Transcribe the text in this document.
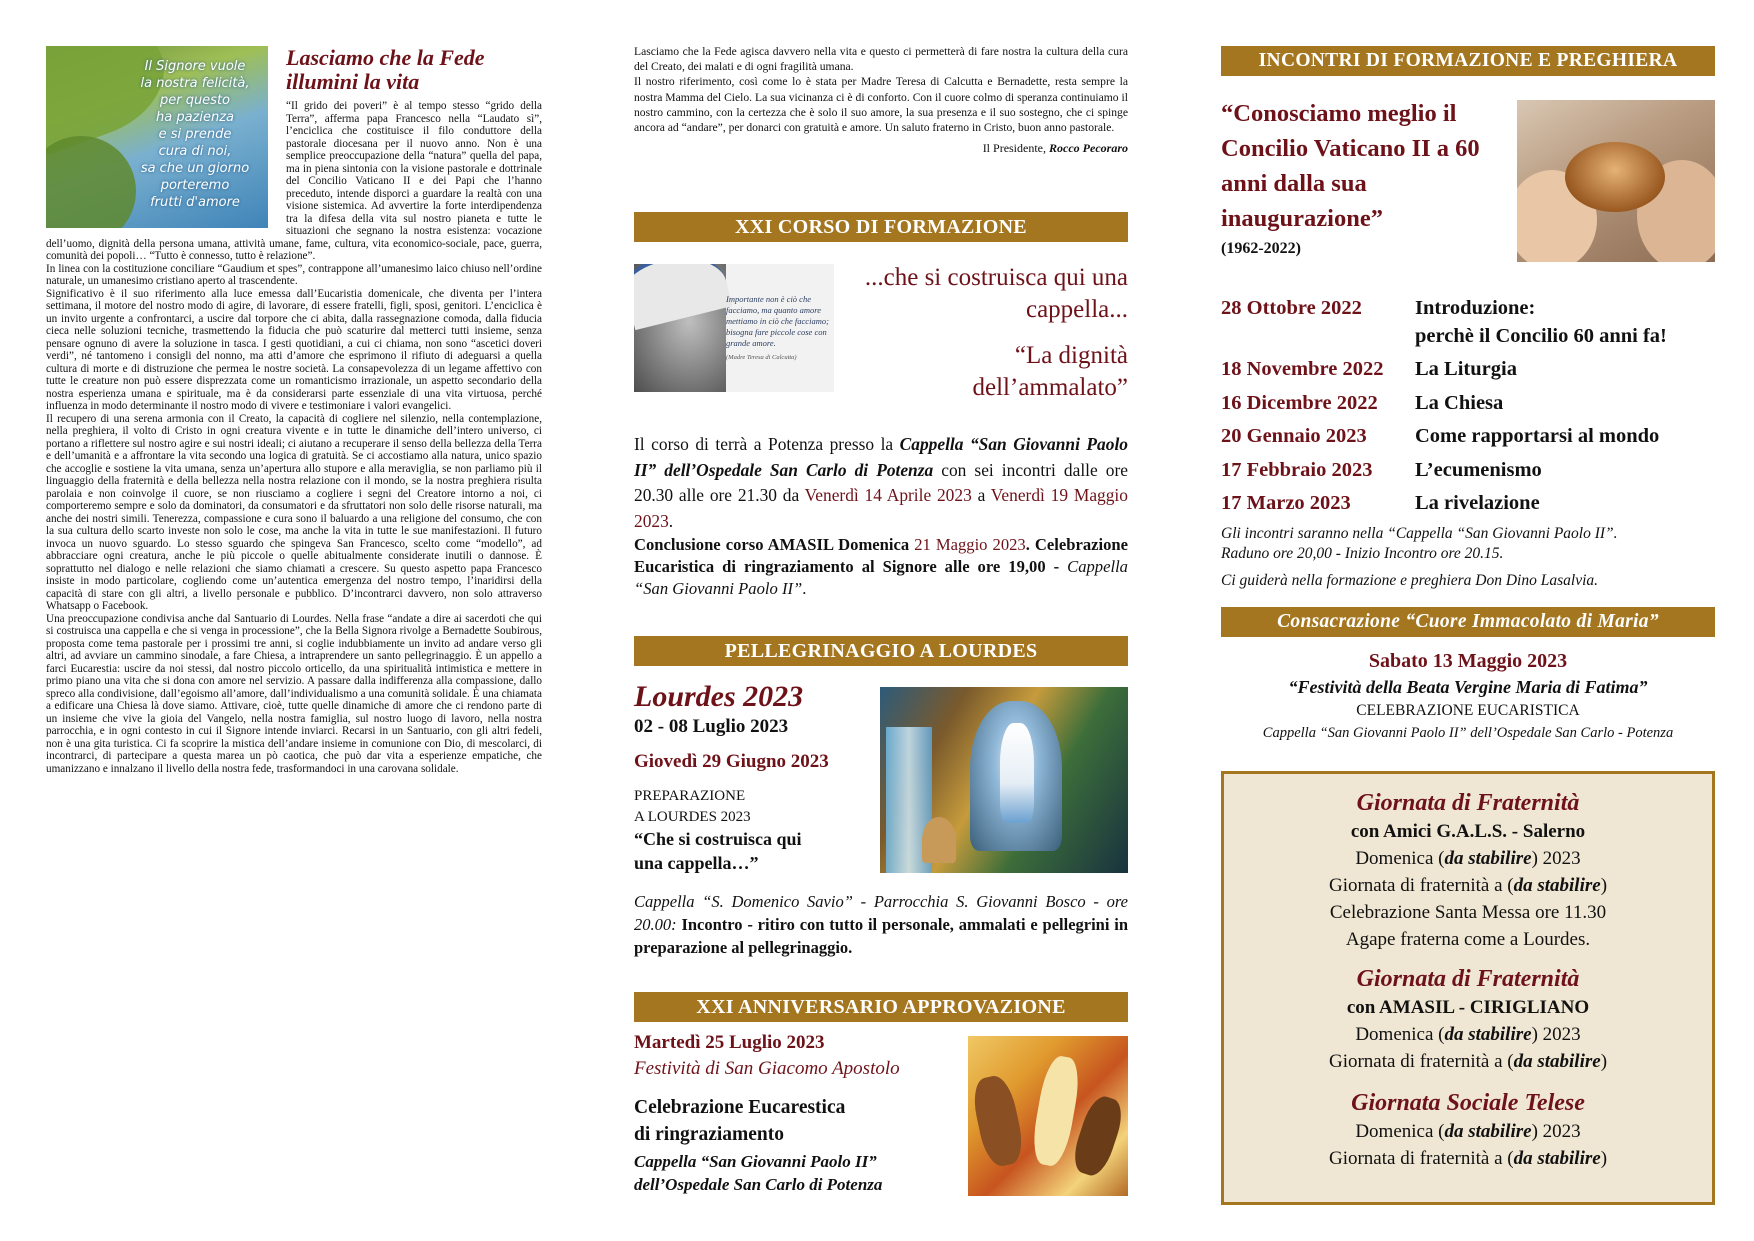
Il Signore vuole
la nostra felicità,
per questo
ha pazienza
e si prende
cura di noi,
sa che un giorno
porteremo
frutti d'amore
Lasciamo che la Fede
illumini la vita

“Il grido dei poveri” è al tempo stesso “grido della Terra”, afferma papa Francesco nella “Laudato sì”, l’enciclica che costituisce il filo conduttore della pastorale diocesana per il nuovo anno. Non è una semplice preoccupazione della “natura” quella del papa, ma in piena sintonia con la visione pastorale e dottrinale del Concilio Vaticano II e dei Papi che l’hanno preceduto, intende disporci a guardare la realtà con una visione sistemica. Ad avvertire la forte interdipendenza tra la difesa della vita sul nostro pianeta e tutte le situazioni che segnano la nostra esistenza: vocazione dell’uomo, dignità della persona umana, attività umane, fame, cultura, vita economico-sociale, pace, guerra, comunità dei popoli… “Tutto è connesso, tutto è relazione”.

In linea con la costituzione conciliare “Gaudium et spes”, contrappone all’umanesimo laico chiuso nell’ordine naturale, un umanesimo cristiano aperto al trascendente.

Significativo è il suo riferimento alla luce emessa dall’Eucaristia domenicale, che diventa per l’intera settimana, il motore del nostro modo di agire, di lavorare, di essere fratelli, figli, sposi, genitori. L’enciclica è un invito urgente a confrontarci, a uscire dal torpore che ci abita, dalla rassegnazione comoda, dalla fiducia cieca nelle soluzioni tecniche, trasmettendo la fiducia che può scaturire dal metterci tutti insieme, senza pensare ognuno di avere la soluzione in tasca. I gesti quotidiani, a cui ci chiama, non sono “ascetici doveri verdi”, né tantomeno i consigli del nonno, ma atti d’amore che esprimono il rifiuto di adeguarsi a quella cultura di morte e di distruzione che permea le nostre società. La consapevolezza di un legame affettivo con tutte le creature non può essere disprezzata come un romanticismo irrazionale, un aspetto secondario della nostra esperienza umana e spirituale, ma è da considerarsi parte essenziale di una vita virtuosa, perché influenza in modo determinante il nostro modo di vivere e testimoniare i valori evangelici.

Il recupero di una serena armonia con il Creato, la capacità di cogliere nel silenzio, nella contemplazione, nella preghiera, il volto di Cristo in ogni creatura vivente e in tutte le dinamiche dell’intero universo, ci portano a riflettere sul nostro agire e sui nostri ideali; ci aiutano a recuperare il senso della bellezza della Terra e dell’umanità e a affrontare la vita secondo una logica di gratuità. Se ci accostiamo alla natura, unico spazio che accoglie e sostiene la vita umana, senza un’apertura allo stupore e alla meraviglia, se non parliamo più il linguaggio della fraternità e della bellezza nella nostra relazione con il mondo, se la nostra preghiera risulta parolaia e non coinvolge il cuore, se non riusciamo a cogliere i segni del Creatore intorno a noi, ci comporteremo sempre e solo da dominatori, da consumatori e da sfruttatori non solo delle risorse naturali, ma anche dei nostri simili. Tenerezza, compassione e cura sono il baluardo a una religione del consumo, che con la sua cultura dello scarto investe non solo le cose, ma anche la vita in tutte le sue manifestazioni. Il futuro invoca un nuovo sguardo. Lo stesso sguardo che spingeva San Francesco, scelto come “modello”, ad abbracciare ogni creatura, anche le più piccole o quelle abitualmente considerate inutili o dannose. È soprattutto nel dialogo e nelle relazioni che siamo chiamati a crescere. Su questo aspetto papa Francesco insiste in modo particolare, cogliendo come un’autentica emergenza del nostro tempo, l’inaridirsi della capacità di stare con gli altri, a livello personale e pubblico. D’incontrarci davvero, non solo attraverso Whatsapp o Facebook.

Una preoccupazione condivisa anche dal Santuario di Lourdes. Nella frase “andate a dire ai sacerdoti che qui si costruisca una cappella e che si venga in processione”, che la Bella Signora rivolge a Bernadette Soubirous, proposta come tema pastorale per i prossimi tre anni, si coglie indubbiamente un invito ad andare verso gli altri, ad avviare un cammino sinodale, a fare Chiesa, a intraprendere un santo pellegrinaggio. È un appello a farci Eucarestia: uscire da noi stessi, dal nostro piccolo orticello, da una spiritualità intimistica e mettere in primo piano una vita che si dona con amore nel servizio. A passare dalla indifferenza alla compassione, dallo spreco alla condivisione, dall’egoismo all’amore, dall’individualismo a una comunità solidale. È una chiamata a edificare una Chiesa là dove siamo. Attivare, cioè, tutte quelle dinamiche di amore che ci rendono parte di un insieme che vive la gioia del Vangelo, nella nostra famiglia, sul nostro luogo di lavoro, nella nostra parrocchia, e in ogni contesto in cui il Signore intende inviarci. Recarsi in un Santuario, con gli altri fedeli, non è una gita turistica. Ci fa scoprire la mistica dell’andare insieme in comunione con Dio, di mescolarci, di incontrarci, di partecipare a questa marea un pò caotica, che può dar vita a esperienze empatiche, che umanizzano e innalzano il livello della nostra fede, trasformandoci in una carovana solidale.

Lasciamo che la Fede agisca davvero nella vita e questo ci permetterà di fare nostra la cultura della cura del Creato, dei malati e di ogni fragilità umana.

Il nostro riferimento, così come lo è stata per Madre Teresa di Calcutta e Bernadette, resta sempre la nostra Mamma del Cielo. La sua vicinanza ci è di conforto. Con il cuore colmo di speranza continuiamo il nostro cammino, con la certezza che è solo il suo amore, la sua presenza e il suo sostegno, che ci spinge ancora ad “andare”, per donarci con gratuità e amore. Un saluto fraterno in Cristo, buon anno pastorale.

Il Presidente, Rocco Pecoraro
XXI CORSO DI FORMAZIONE
Importante non è ciò che facciamo, ma quanto amore mettiamo in ciò che facciamo; bisogna fare piccole cose con grande amore.
(Madre Teresa di Calcutta)
...che si costruisca qui una cappella...
“La dignità dell’ammalato”

Il corso di terrà a Potenza presso la Cappella “San Giovanni Paolo II” dell’Ospedale San Carlo di Potenza con sei incontri dalle ore 20.30 alle ore 21.30 da Venerdì 14 Aprile 2023 a Venerdì 19 Maggio 2023.

Conclusione corso AMASIL Domenica 21 Maggio 2023. Celebrazione Eucaristica di ringraziamento al Signore alle ore 19,00 - Cappella “San Giovanni Paolo II”.

PELLEGRINAGGIO A LOURDES
Lourdes 2023
02 - 08 Luglio 2023
Giovedì 29 Giugno 2023
PREPARAZIONE
A LOURDES 2023
“Che si costruisca qui una cappella…”
Cappella “S. Domenico Savio” - Parrocchia S. Giovanni Bosco - ore 20.00: Incontro - ritiro con tutto il personale, ammalati e pellegrini in preparazione al pellegrinaggio.
XXI ANNIVERSARIO APPROVAZIONE
Martedì 25 Luglio 2023
Festività di San Giacomo Apostolo
Celebrazione Eucarestica
di ringraziamento
Cappella “San Giovanni Paolo II”
dell’Ospedale San Carlo di Potenza
INCONTRI DI FORMAZIONE E PREGHIERA
“Conosciamo meglio il Concilio Vaticano II a 60 anni dalla sua inaugurazione”
(1962-2022)
28 Ottobre 2022	Introduzione:
perchè il Concilio 60 anni fa!
18 Novembre 2022	La Liturgia
16 Dicembre 2022	La Chiesa
20 Gennaio 2023	Come rapportarsi al mondo
17 Febbraio 2023	L’ecumenismo
17 Marzo 2023	La rivelazione

Gli incontri saranno nella “Cappella “San Giovanni Paolo II”.

Raduno ore 20,00 - Inizio Incontro ore 20.15.

Ci guiderà nella formazione e preghiera Don Dino Lasalvia.

Consacrazione “Cuore Immacolato di Maria”
Sabato 13 Maggio 2023
“Festività della Beata Vergine Maria di Fatima”
CELEBRAZIONE EUCARISTICA
Cappella “San Giovanni Paolo II” dell’Ospedale San Carlo - Potenza
Giornata di Fraternità
con Amici G.A.L.S. - Salerno
Domenica (da stabilire) 2023
Giornata di fraternità a (da stabilire)
Celebrazione Santa Messa ore 11.30
Agape fraterna come a Lourdes.
Giornata di Fraternità
con AMASIL - CIRIGLIANO
Domenica (da stabilire) 2023
Giornata di fraternità a (da stabilire)
Giornata Sociale Telese
Domenica (da stabilire) 2023
Giornata di fraternità a (da stabilire)
